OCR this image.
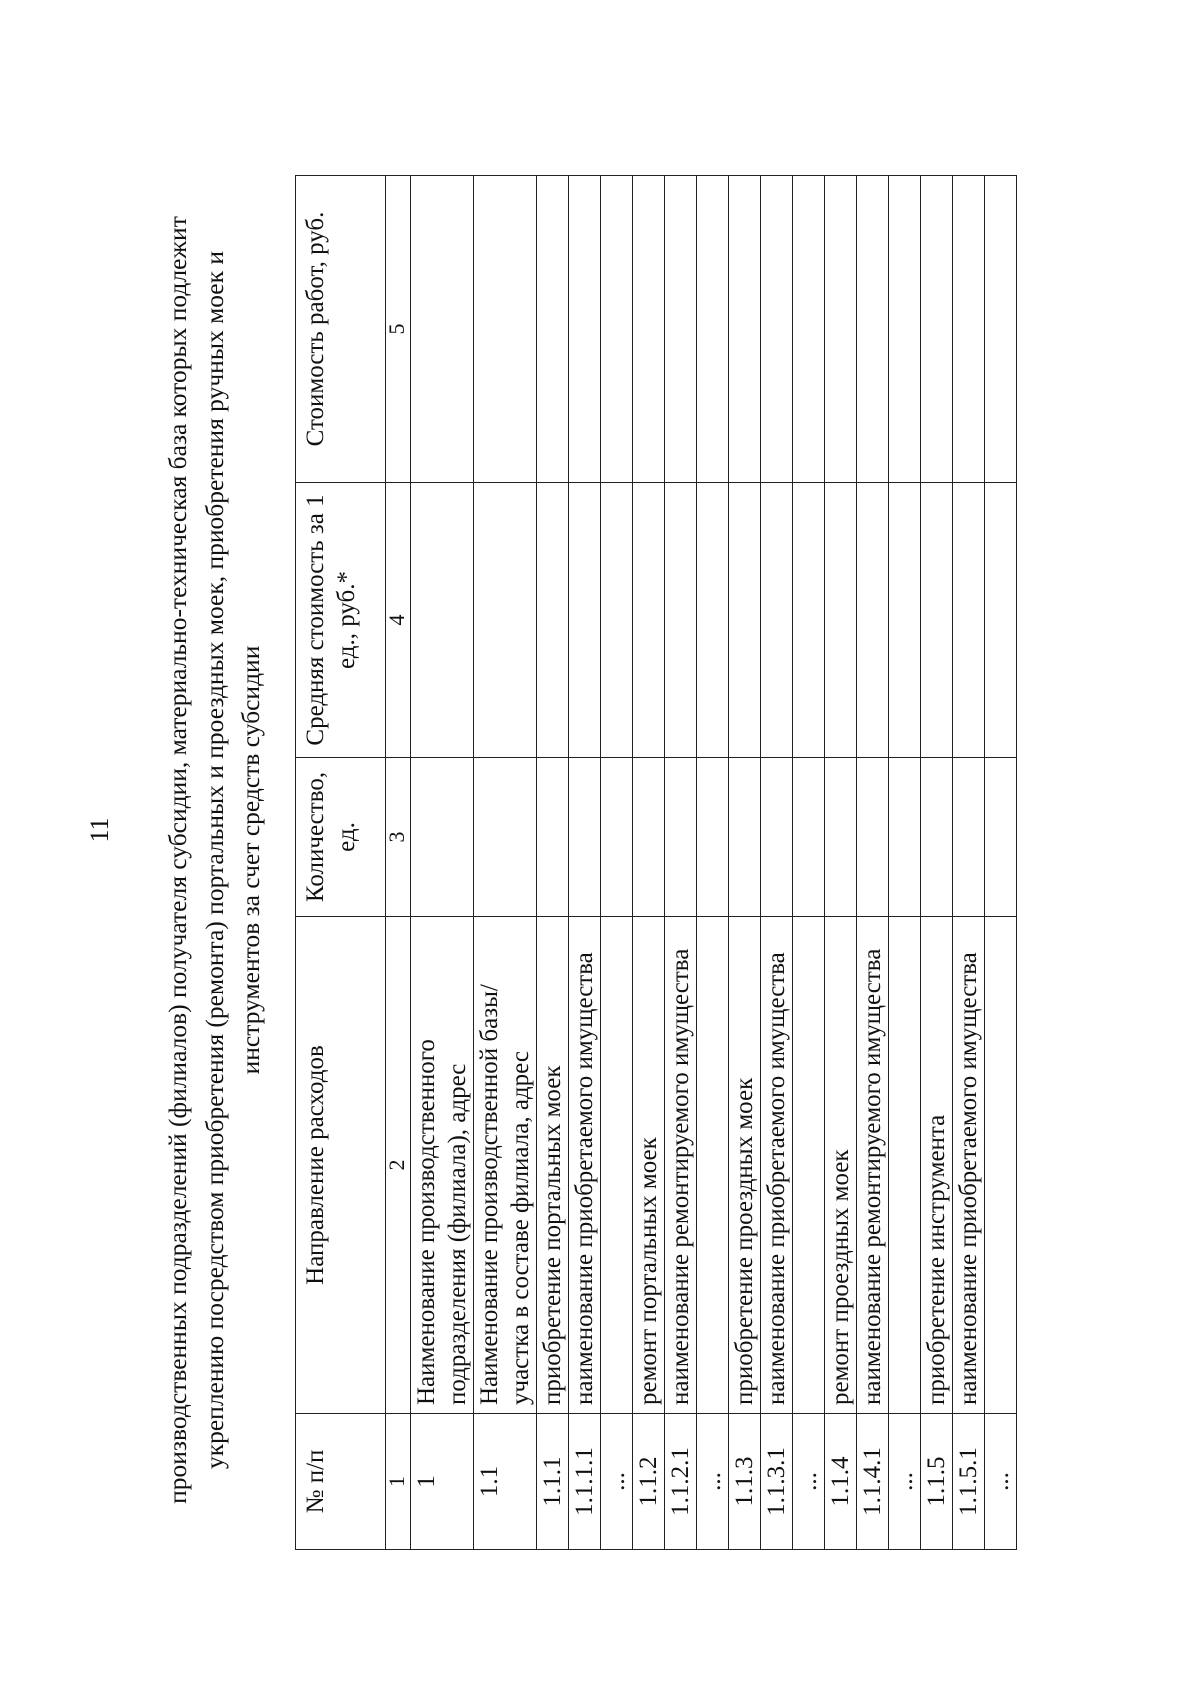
11 производственных подразделений (филиалов) получателя субсидии, материально-техническая база которых подлежит укреплению посредством приобретения (ремонта) портальных и проездных моек, приобретения ручных моек и инструментов за счет средств субсидии
№ п/п	Направление расходов	Количество, ед.	Средняя стоимость за 1 ед., руб.*	Стоимость работ, руб.
1	2	3	4	5
1	Наименование производственного подразделения (филиала), адрес			
1.1	Наименование производственной базы/участка в составе филиала, адрес			
1.1.1	приобретение портальных моек			
1.1.1.1	наименование приобретаемого имущества			
...				
1.1.2	ремонт портальных моек			
1.1.2.1	наименование ремонтируемого имущества			
...				
1.1.3	приобретение проездных моек			
1.1.3.1	наименование приобретаемого имущества			
...				
1.1.4	ремонт проездных моек			
1.1.4.1	наименование ремонтируемого имущества			
...				
1.1.5	приобретение инструмента			
1.1.5.1	наименование приобретаемого имущества			
...				
